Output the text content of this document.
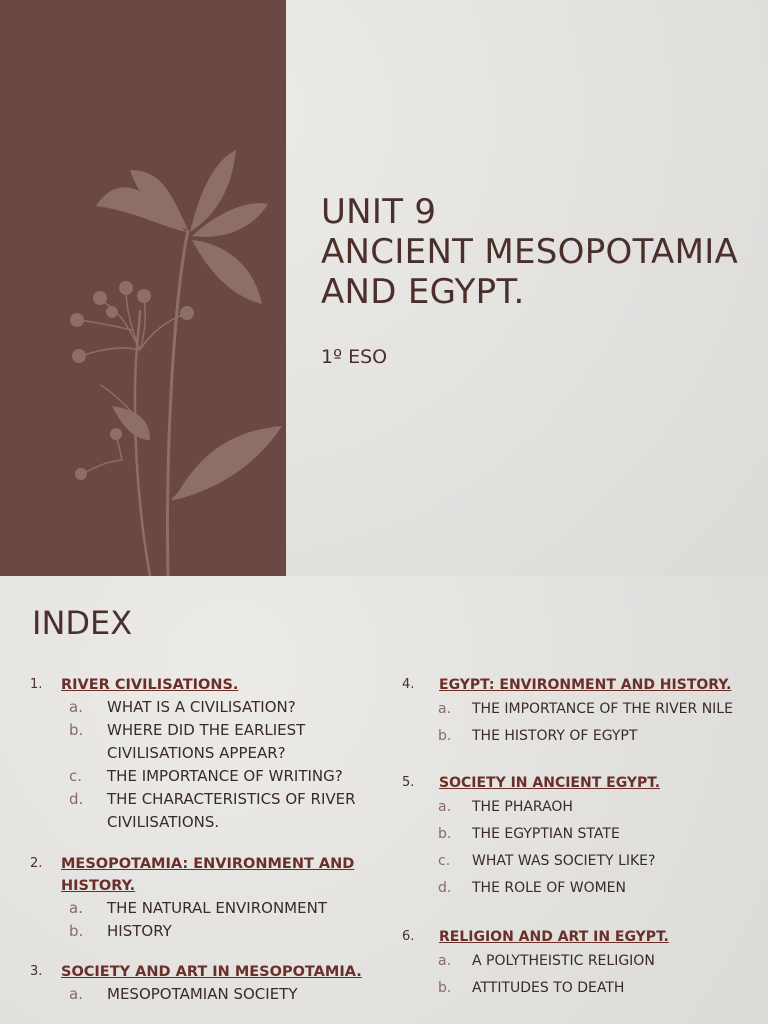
UNIT 9
ANCIENT MESOPOTAMIA
AND EGYPT.
1º ESO
INDEX
1.	RIVER CIVILISATIONS.
a.	WHAT IS A CIVILISATION?
b.	WHERE DID THE EARLIEST CIVILISATIONS APPEAR?
c.	THE IMPORTANCE OF WRITING?
d.	THE CHARACTERISTICS OF RIVER CIVILISATIONS.
2.	MESOPOTAMIA: ENVIRONMENT AND HISTORY.
a.	THE NATURAL ENVIRONMENT
b.	HISTORY
3.	SOCIETY AND ART IN MESOPOTAMIA.
a.	MESOPOTAMIAN SOCIETY
4.	EGYPT: ENVIRONMENT AND HISTORY.
a.	THE IMPORTANCE OF THE RIVER NILE
b.	THE HISTORY OF EGYPT
5.	SOCIETY IN ANCIENT EGYPT.
a.	THE PHARAOH
b.	THE EGYPTIAN STATE
c.	WHAT WAS SOCIETY LIKE?
d.	THE ROLE OF WOMEN
6.	RELIGION AND ART IN EGYPT.
a.	A POLYTHEISTIC RELIGION
b.	ATTITUDES TO DEATH
